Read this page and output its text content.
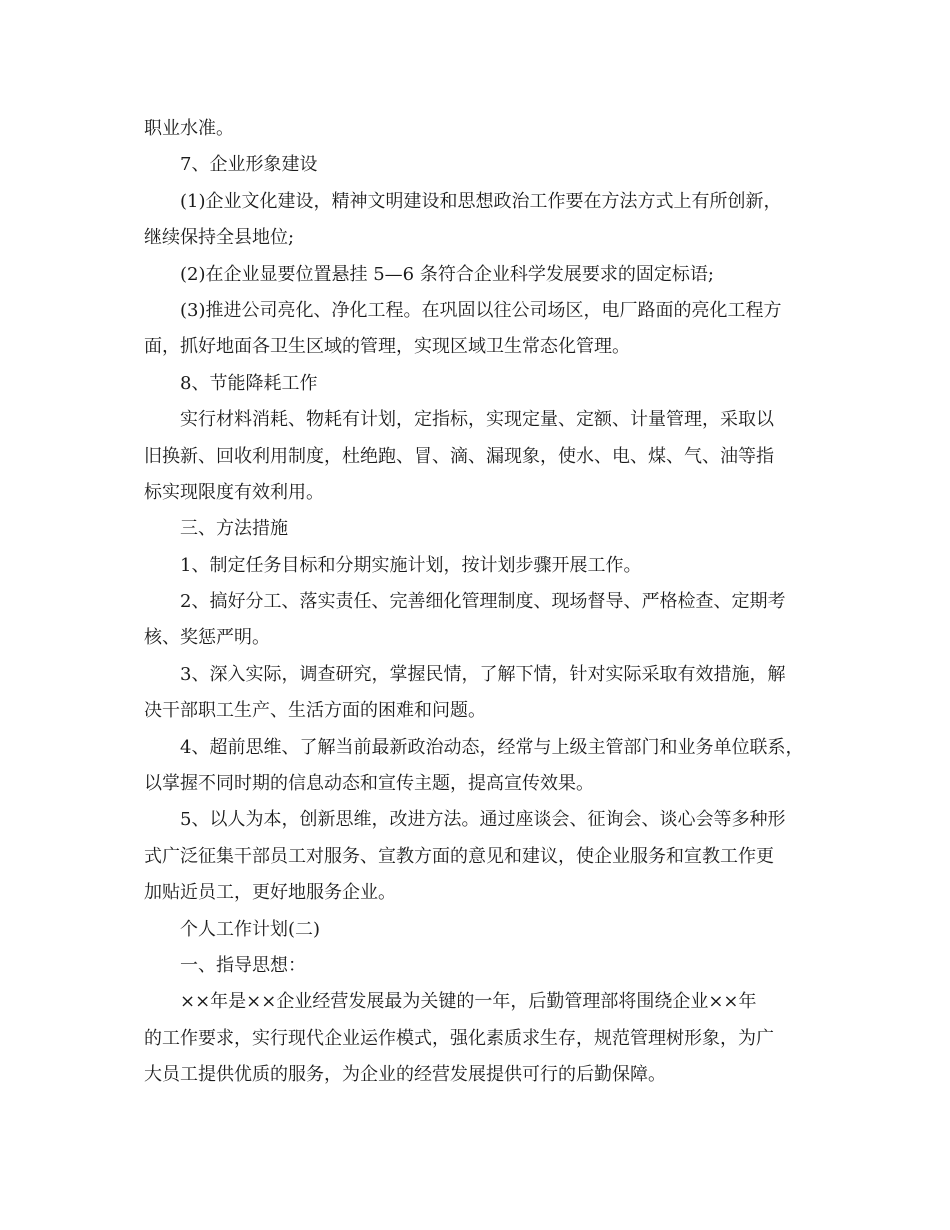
职业水准。
7、企业形象建设
(1)企业文化建设，精神文明建设和思想政治工作要在方法方式上有所创新，
继续保持全县地位;
(2)在企业显要位置悬挂 5—6 条符合企业科学发展要求的固定标语;
(3)推进公司亮化、净化工程。在巩固以往公司场区，电厂路面的亮化工程方
面，抓好地面各卫生区域的管理，实现区域卫生常态化管理。
8、节能降耗工作
实行材料消耗、物耗有计划，定指标，实现定量、定额、计量管理，采取以
旧换新、回收利用制度，杜绝跑、冒、滴、漏现象，使水、电、煤、气、油等指
标实现限度有效利用。
三、方法措施
1、制定任务目标和分期实施计划，按计划步骤开展工作。
2、搞好分工、落实责任、完善细化管理制度、现场督导、严格检查、定期考
核、奖惩严明。
3、深入实际，调查研究，掌握民情，了解下情，针对实际采取有效措施，解
决干部职工生产、生活方面的困难和问题。
4、超前思维、了解当前最新政治动态，经常与上级主管部门和业务单位联系，
以掌握不同时期的信息动态和宣传主题，提高宣传效果。
5、以人为本，创新思维，改进方法。通过座谈会、征询会、谈心会等多种形
式广泛征集干部员工对服务、宣教方面的意见和建议，使企业服务和宣教工作更
加贴近员工，更好地服务企业。
个人工作计划(二)
一、指导思想：
××年是××企业经营发展最为关键的一年，后勤管理部将围绕企业××年
的工作要求，实行现代企业运作模式，强化素质求生存，规范管理树形象，为广
大员工提供优质的服务，为企业的经营发展提供可行的后勤保障。
